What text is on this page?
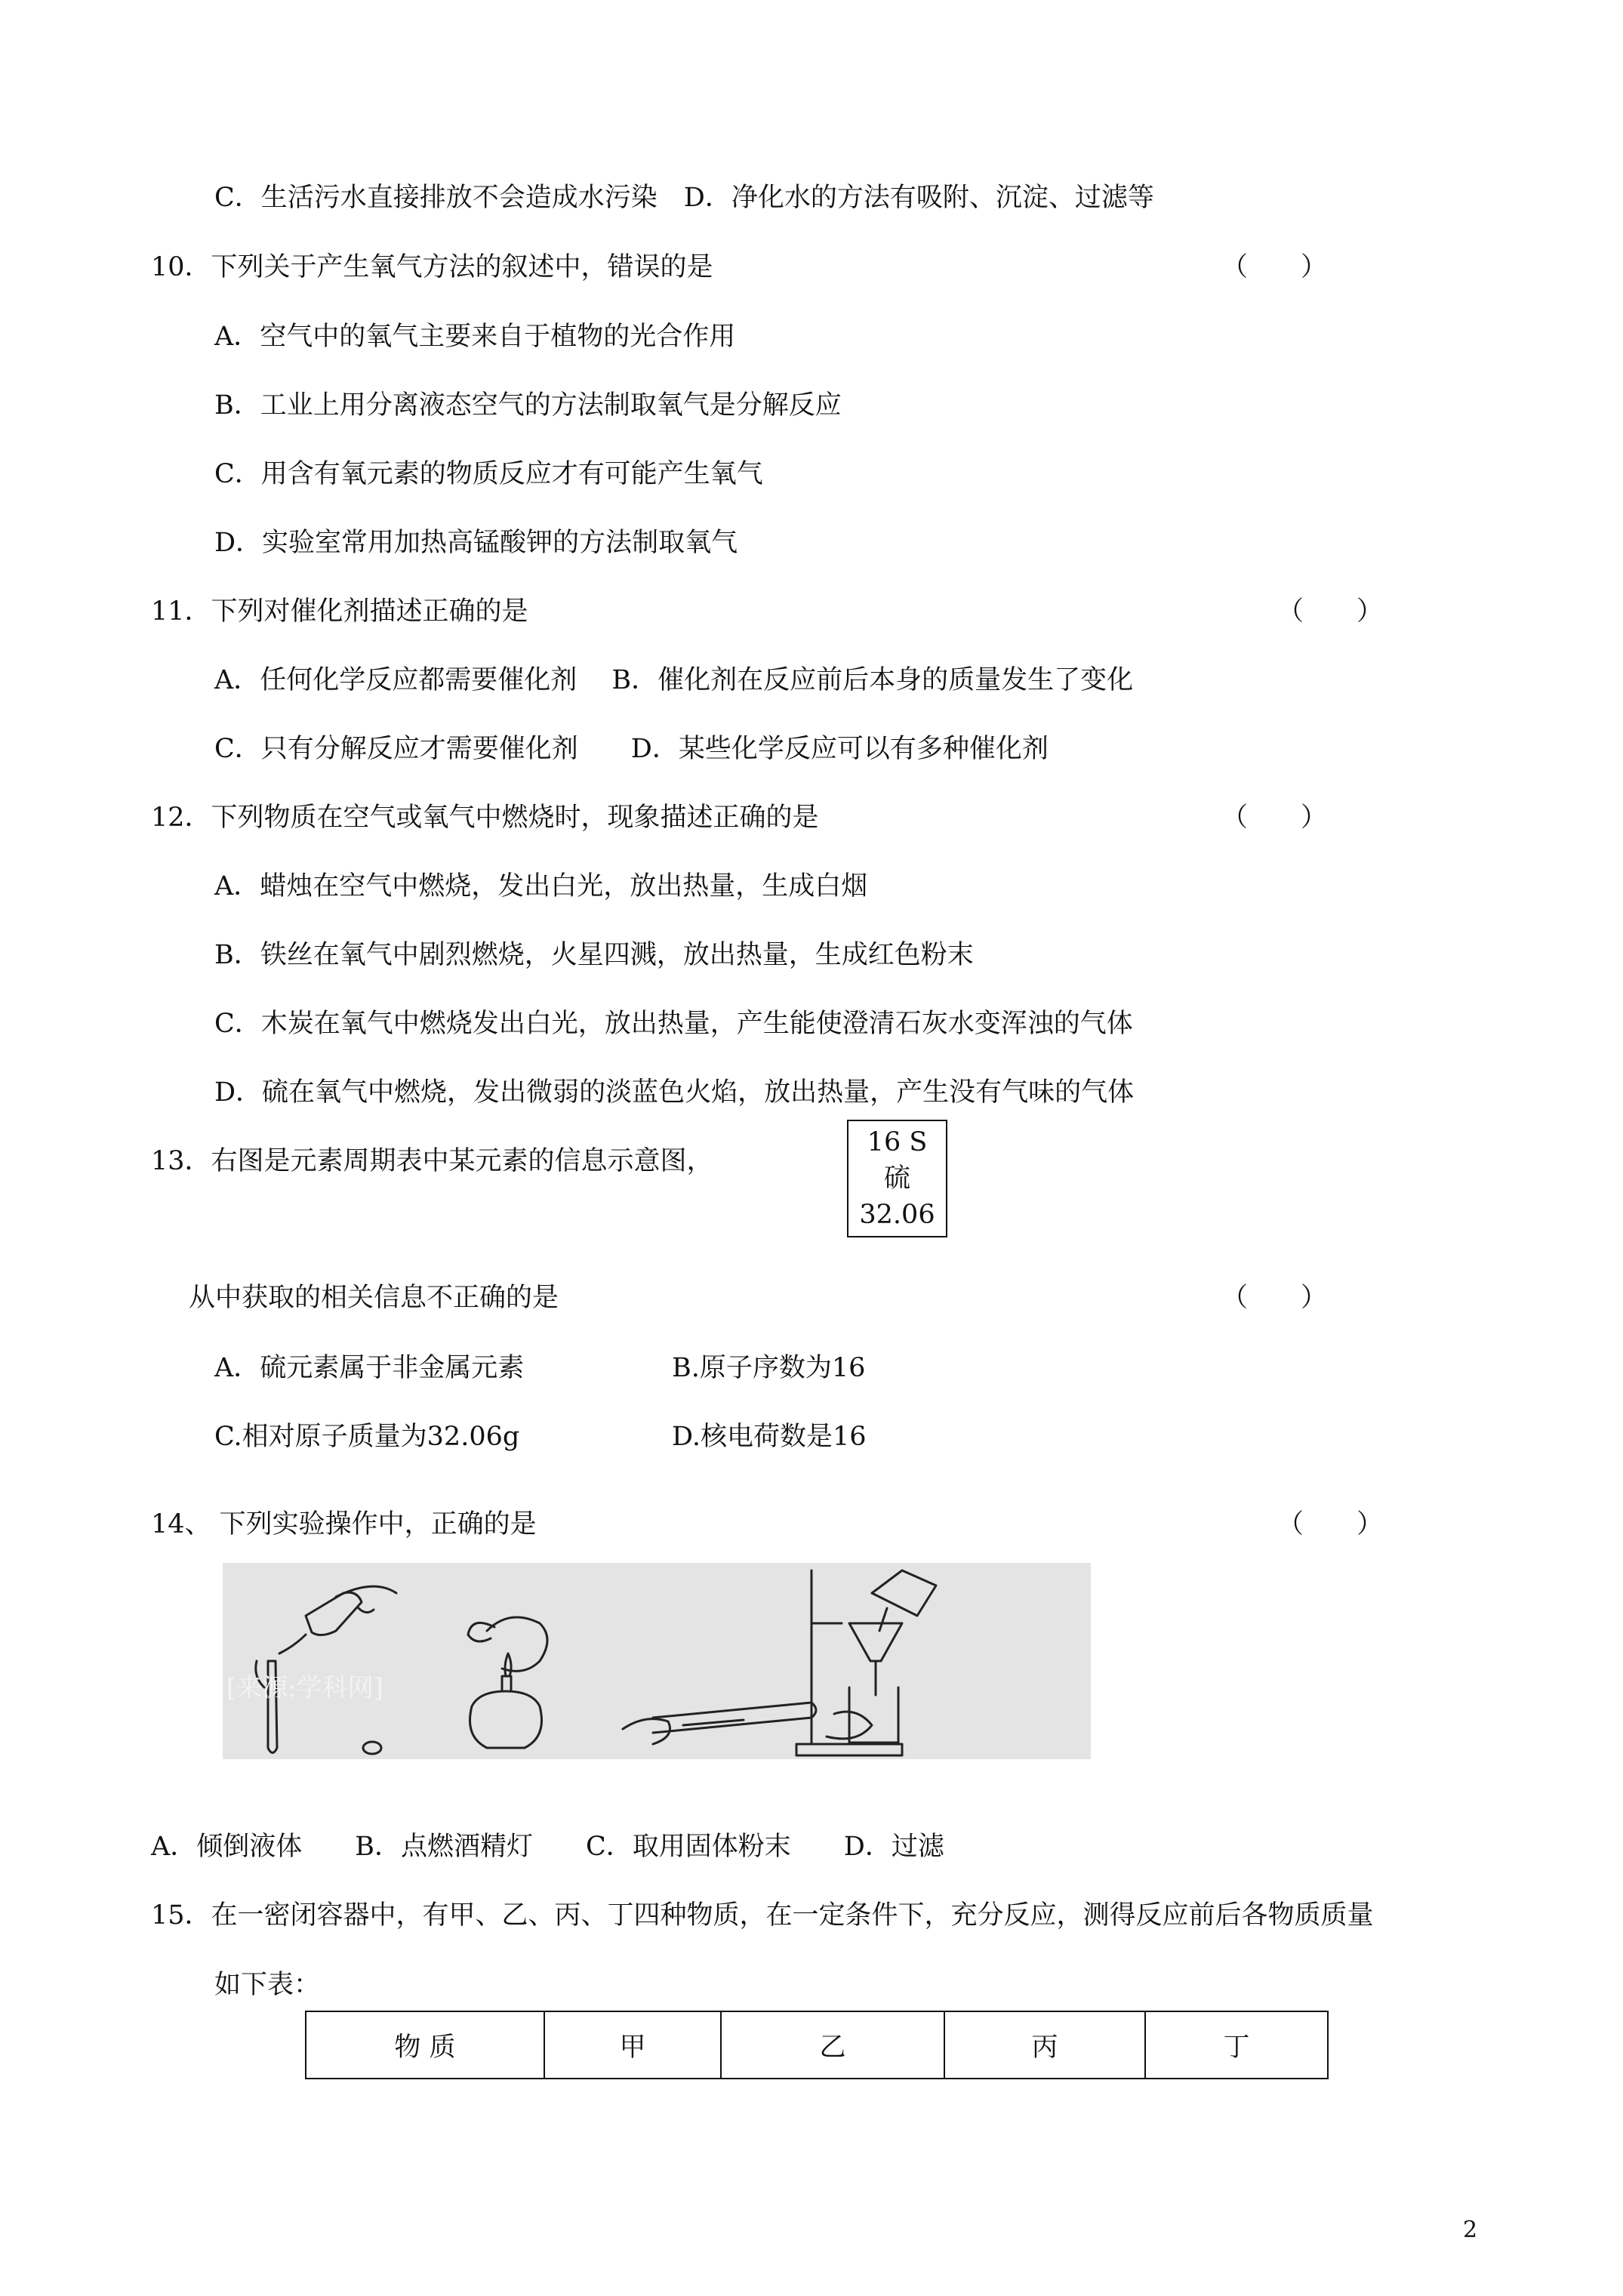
C．生活污水直接排放不会造成水污染　D．净化水的方法有吸附、沉淀、过滤等
10．下列关于产生氧气方法的叙述中，错误的是	（　　）
A．空气中的氧气主要来自于植物的光合作用
B．工业上用分离液态空气的方法制取氧气是分解反应
C．用含有氧元素的物质反应才有可能产生氧气
D．实验室常用加热高锰酸钾的方法制取氧气
11．下列对催化剂描述正确的是	（　　）
A．任何化学反应都需要催化剂　 B．催化剂在反应前后本身的质量发生了变化
C．只有分解反应才需要催化剂　　D．某些化学反应可以有多种催化剂
12．下列物质在空气或氧气中燃烧时，现象描述正确的是	（　　）
A．蜡烛在空气中燃烧，发出白光，放出热量，生成白烟
B．铁丝在氧气中剧烈燃烧，火星四溅，放出热量，生成红色粉末
C．木炭在氧气中燃烧发出白光，放出热量，产生能使澄清石灰水变浑浊的气体
D．硫在氧气中燃烧，发出微弱的淡蓝色火焰，放出热量，产生没有气味的气体
13．右图是元素周期表中某元素的信息示意图，
16 S
硫
32.06
从中获取的相关信息不正确的是	（　　）
A．硫元素属于非金属元素	B.原子序数为16
C.相对原子质量为32.06g	D.核电荷数是16
14、 下列实验操作中，正确的是	（　　）
[来源:学科网]
A．倾倒液体　　B．点燃酒精灯　　C．取用固体粉末　　D．过滤
15．在一密闭容器中，有甲、乙、丙、丁四种物质，在一定条件下，充分反应，测得反应前后各物质质量
如下表：
物 质	甲	乙	丙	丁
2
